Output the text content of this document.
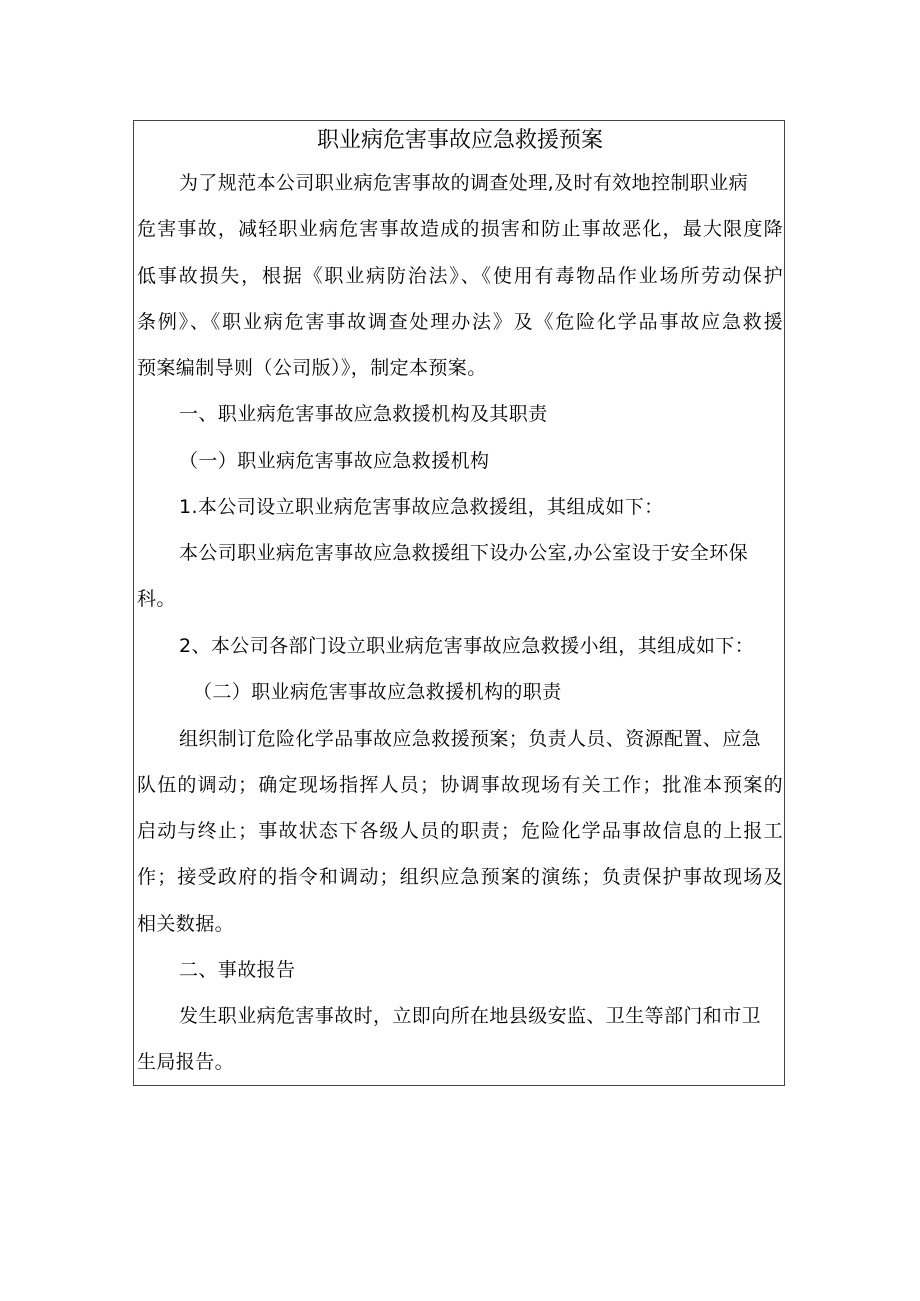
职业病危害事故应急救援预案
为了规范本公司职业病危害事故的调查处理,及时有效地控制职业病
危害事故，减轻职业病危害事故造成的损害和防止事故恶化，最大限度降
低事故损失，根据《职业病防治法》、《使用有毒物品作业场所劳动保护
条例》、《职业病危害事故调查处理办法》及《危险化学品事故应急救援
预案编制导则（公司版）》，制定本预案。
一、职业病危害事故应急救援机构及其职责
（一）职业病危害事故应急救援机构
1.本公司设立职业病危害事故应急救援组，其组成如下：
本公司职业病危害事故应急救援组下设办公室,办公室设于安全环保
科。
2、本公司各部门设立职业病危害事故应急救援小组，其组成如下：
（二）职业病危害事故应急救援机构的职责
组织制订危险化学品事故应急救援预案；负责人员、资源配置、应急
队伍的调动；确定现场指挥人员；协调事故现场有关工作；批准本预案的
启动与终止；事故状态下各级人员的职责；危险化学品事故信息的上报工
作；接受政府的指令和调动；组织应急预案的演练；负责保护事故现场及
相关数据。
二、事故报告
发生职业病危害事故时，立即向所在地县级安监、卫生等部门和市卫
生局报告。
